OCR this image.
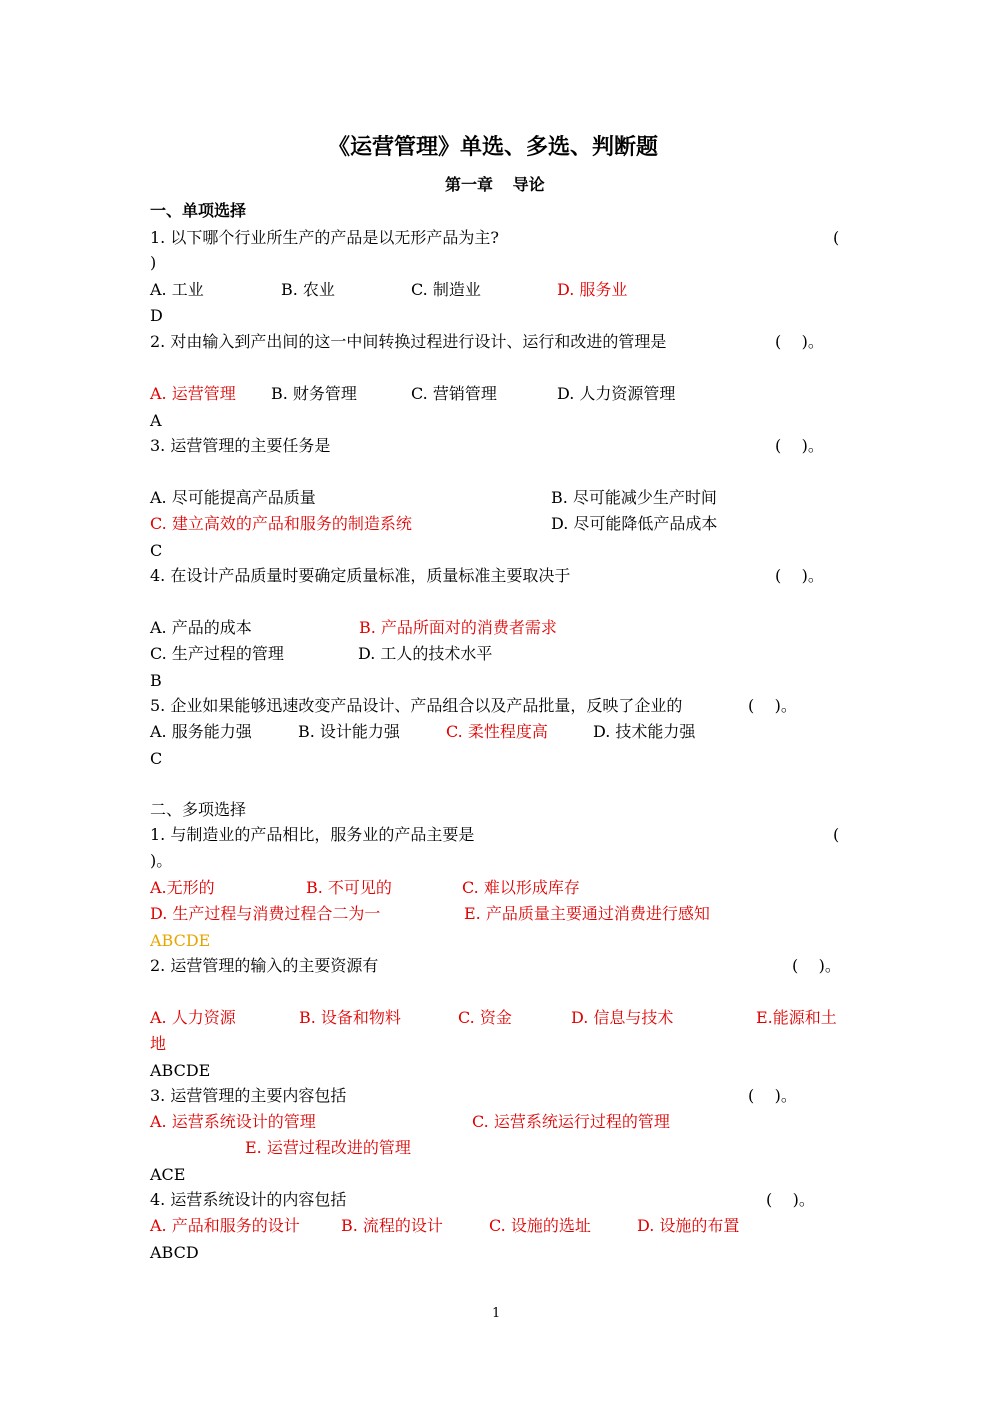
《运营管理》单选、多选、判断题
第一章 导论
一、单项选择
1. 以下哪个行业所生产的产品是以无形产品为主?	(
)
A. 工业	B. 农业	C. 制造业	D. 服务业
D
2. 对由输入到产出间的这一中间转换过程进行设计、运行和改进的管理是	(    )。
A. 运营管理 B. 财务管理	C. 营销管理	D. 人力资源管理
A
3. 运营管理的主要任务是	(    )。
A. 尽可能提高产品质量	B. 尽可能减少生产时间
C. 建立高效的产品和服务的制造系统	D. 尽可能降低产品成本
C
4. 在设计产品质量时要确定质量标准，质量标准主要取决于	(    )。
A. 产品的成本	B. 产品所面对的消费者需求
C. 生产过程的管理	D. 工人的技术水平
B
5. 企业如果能够迅速改变产品设计、产品组合以及产品批量，反映了企业的	(    )。
A. 服务能力强	B. 设计能力强	C. 柔性程度高	D. 技术能力强
C
二、多项选择
1. 与制造业的产品相比，服务业的产品主要是	(
)。
A.无形的	B. 不可见的	C. 难以形成库存
D. 生产过程与消费过程合二为一	E. 产品质量主要通过消费进行感知
ABCDE
2. 运营管理的输入的主要资源有	(    )。
A. 人力资源	B. 设备和物料	C. 资金	D. 信息与技术	E.能源和土
地
ABCDE
3. 运营管理的主要内容包括	(    )。
A. 运营系统设计的管理	C. 运营系统运行过程的管理
E. 运营过程改进的管理
ACE
4. 运营系统设计的内容包括	(    )。
A. 产品和服务的设计	B. 流程的设计	C. 设施的选址	D. 设施的布置
ABCD
1
